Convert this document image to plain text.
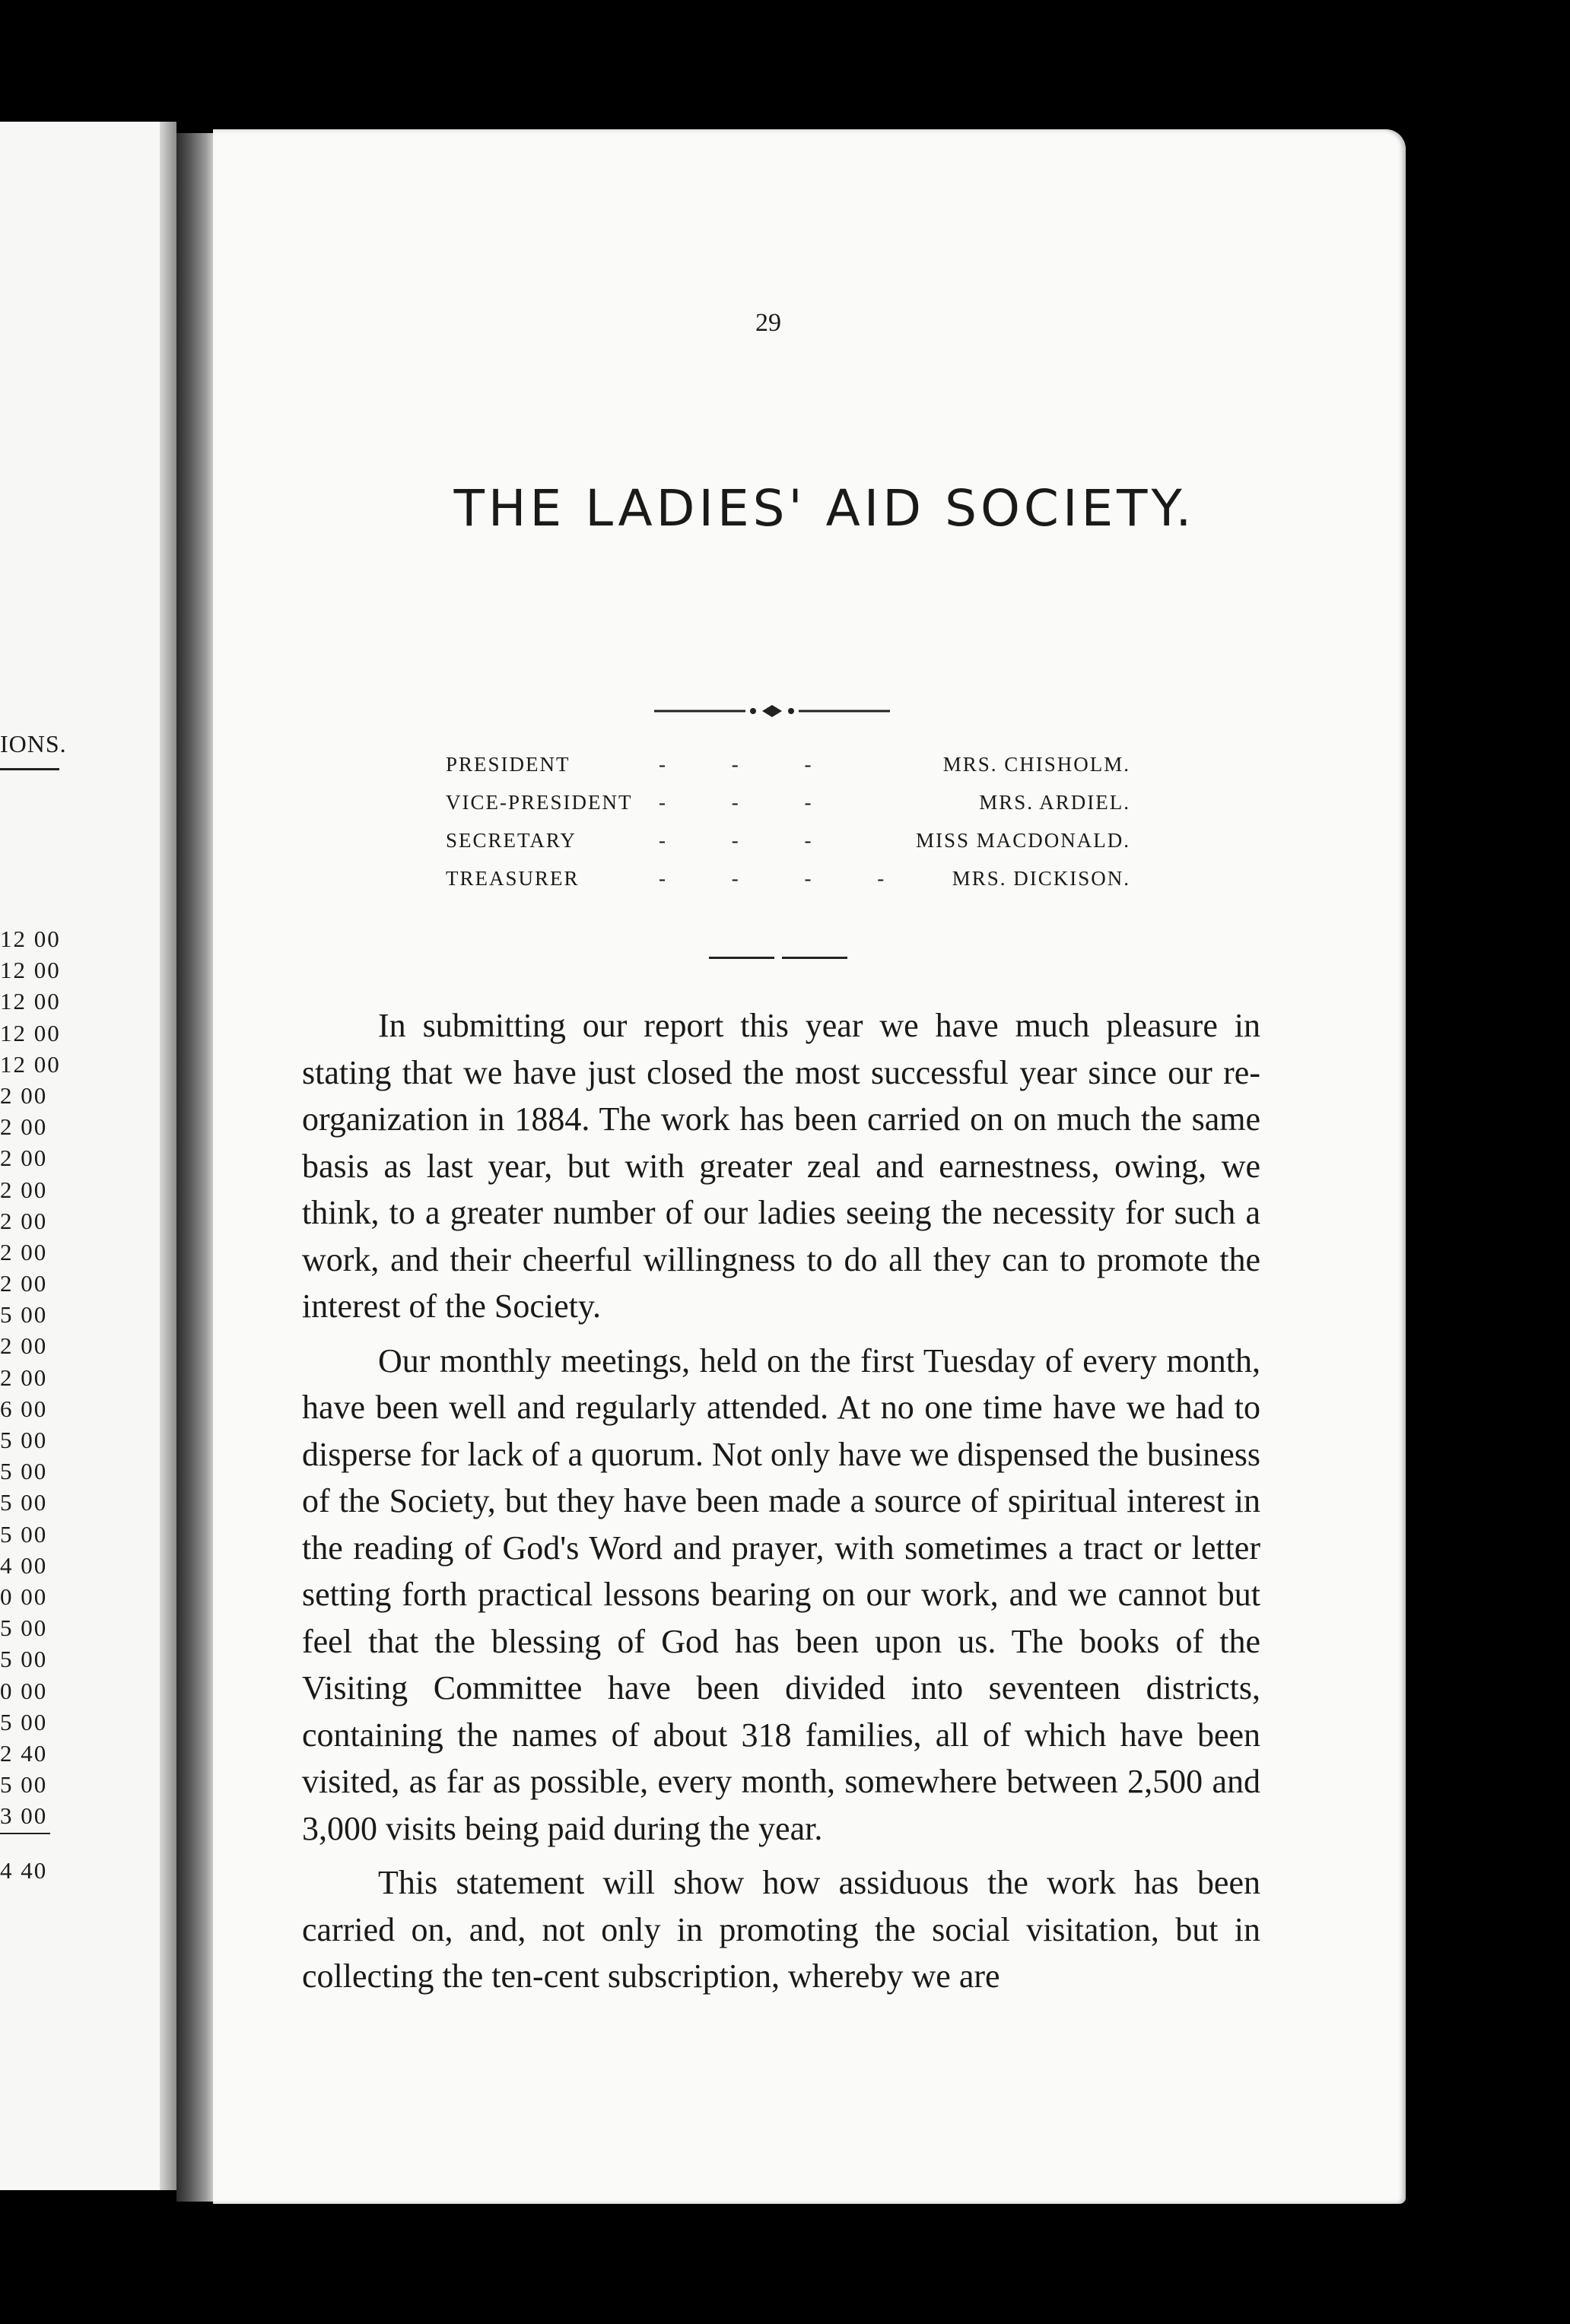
IONS.
12 00
12 00
12 00
12 00
12 00
2 00
2 00
2 00
2 00
2 00
2 00
2 00
5 00
2 00
2 00
6 00
5 00
5 00
5 00
5 00
4 00
0 00
5 00
5 00
0 00
5 00
2 40
5 00
3 00
4 40
29
THE LADIES' AID SOCIETY.
PRESIDENT	- - -	MRS. CHISHOLM.
VICE-PRESIDENT - - -	MRS. ARDIEL.
SECRETARY	- - -	MISS MACDONALD.
TREASURER	- - - - MRS. DICKISON.

In submitting our report this year we have much pleasure in stating that we have just closed the most successful year since our re-organization in 1884. The work has been carried on on much the same basis as last year, but with greater zeal and earnestness, owing, we think, to a greater number of our ladies seeing the necessity for such a work, and their cheerful willingness to do all they can to promote the interest of the Society.

Our monthly meetings, held on the first Tuesday of every month, have been well and regularly attended. At no one time have we had to disperse for lack of a quorum. Not only have we dispensed the business of the Society, but they have been made a source of spiritual interest in the reading of God's Word and prayer, with sometimes a tract or letter setting forth practical lessons bearing on our work, and we cannot but feel that the blessing of God has been upon us. The books of the Visiting Committee have been divided into seventeen districts, containing the names of about 318 families, all of which have been visited, as far as possible, every month, somewhere between 2,500 and 3,000 visits being paid during the year.

This statement will show how assiduous the work has been carried on, and, not only in promoting the social visitation, but in collecting the ten-cent subscription, whereby we are
